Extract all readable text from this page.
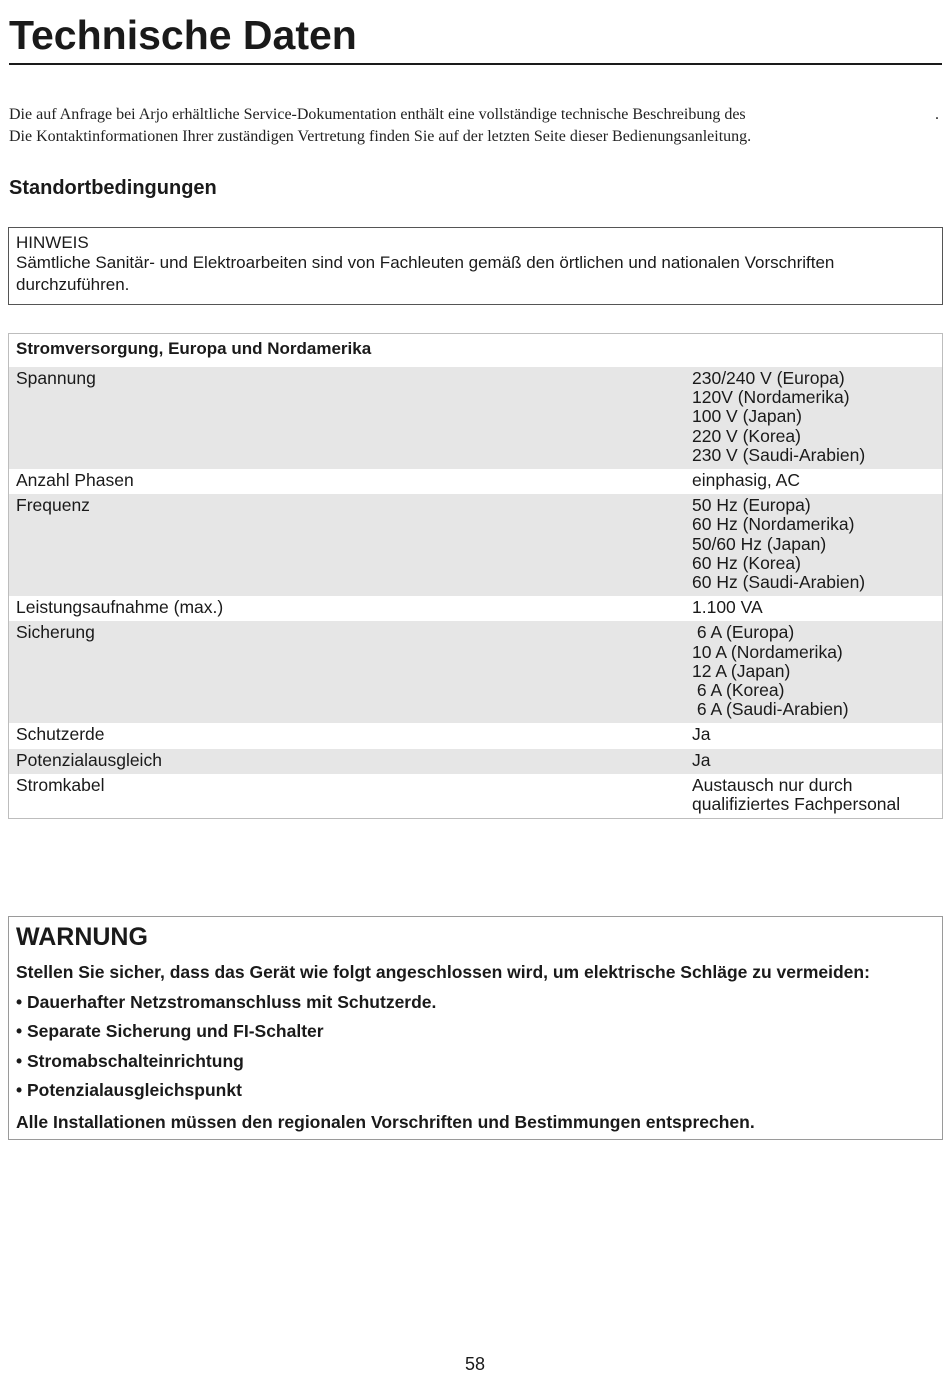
Technische Daten
Die auf Anfrage bei Arjo erhältliche Service-Dokumentation enthält eine vollständige technische Beschreibung des	.
Die Kontaktinformationen Ihrer zuständigen Vertretung finden Sie auf der letzten Seite dieser Bedienungsanleitung.
Standortbedingungen
HINWEIS
Sämtliche Sanitär- und Elektroarbeiten sind von Fachleuten gemäß den örtlichen und nationalen Vorschriften durchzuführen.
Stromversorgung, Europa und Nordamerika
Spannung	230/240 V (Europa)
120V (Nordamerika)
100 V (Japan)
220 V (Korea)
230 V (Saudi-Arabien)
Anzahl Phasen	einphasig, AC
Frequenz	50 Hz (Europa)
60 Hz (Nordamerika)
50/60 Hz (Japan)
60 Hz (Korea)
60 Hz (Saudi-Arabien)
Leistungsaufnahme (max.)	1.100 VA
Sicherung	6 A (Europa)
10 A (Nordamerika)
12 A (Japan)
6 A (Korea)
6 A (Saudi-Arabien)
Schutzerde	Ja
Potenzialausgleich	Ja
Stromkabel	Austausch nur durch
qualifiziertes Fachpersonal
WARNUNG
Stellen Sie sicher, dass das Gerät wie folgt angeschlossen wird, um elektrische Schläge zu vermeiden:
• Dauerhafter Netzstromanschluss mit Schutzerde.
• Separate Sicherung und FI-Schalter
• Stromabschalteinrichtung
• Potenzialausgleichspunkt
Alle Installationen müssen den regionalen Vorschriften und Bestimmungen entsprechen.
58
